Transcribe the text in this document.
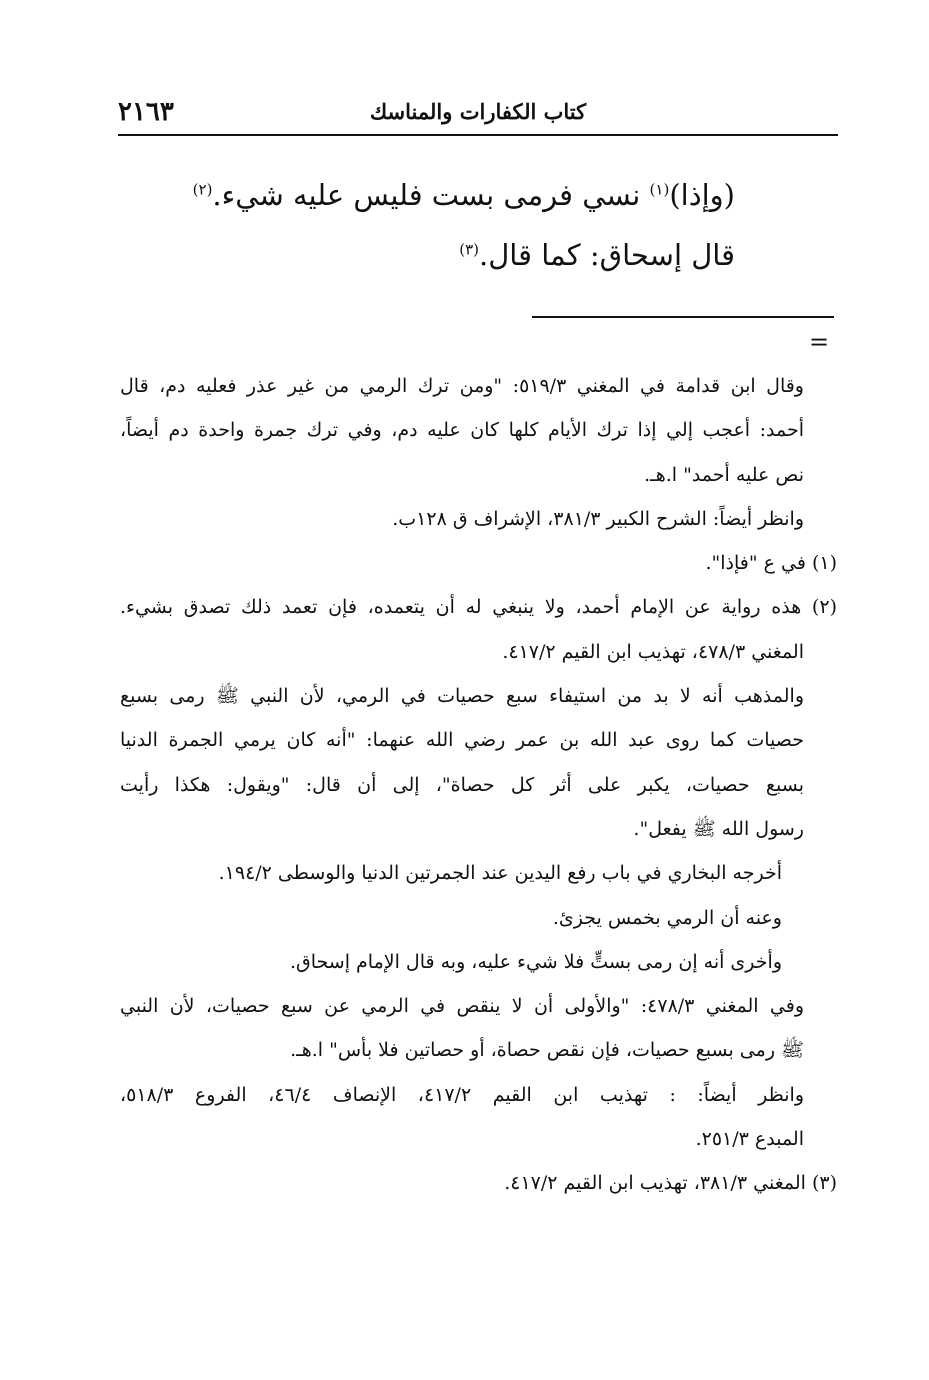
كتاب الكفارات والمناسك
٢١٦٣
(وإذا)$^{(١)}$ نسي فرمى بست فليس عليه شيء.$^{(٢)}$
قال إسحاق: كما قال.$^{(٣)}$
=
وقال ابن قدامة في المغني ٥١٩/٣: "ومن ترك الرمي من غير عذر فعليه دم، قال
أحمد: أعجب إلي إذا ترك الأيام كلها كان عليه دم، وفي ترك جمرة واحدة دم أيضاً،
نص عليه أحمد" ا.هـ.
وانظر أيضاً: الشرح الكبير ٣٨١/٣، الإشراف ق ١٢٨ب.
(١) في ع "فإذا".
(٢) هذه رواية عن الإمام أحمد، ولا ينبغي له أن يتعمده، فإن تعمد ذلك تصدق بشيء.
المغني ٤٧٨/٣، تهذيب ابن القيم ٤١٧/٢.
والمذهب أنه لا بد من استيفاء سبع حصيات في الرمي، لأن النبي ﷺ رمى بسبع
حصيات كما روى عبد الله بن عمر رضي الله عنهما: "أنه كان يرمي الجمرة الدنيا
بسبع حصيات، يكبر على أثر كل حصاة"، إلى أن قال: "ويقول: هكذا رأيت
رسول الله ﷺ يفعل".
أخرجه البخاري في باب رفع اليدين عند الجمرتين الدنيا والوسطى ١٩٤/٢.
وعنه أن الرمي بخمس يجزئ.
وأخرى أنه إن رمى بستٍّ فلا شيء عليه، وبه قال الإمام إسحاق.
وفي المغني ٤٧٨/٣: "والأولى أن لا ينقص في الرمي عن سبع حصيات، لأن النبي
ﷺ رمى بسبع حصيات، فإن نقص حصاة، أو حصاتين فلا بأس" ا.هـ.
وانظر أيضاً: : تهذيب ابن القيم ٤١٧/٢، الإنصاف ٤٦/٤، الفروع ٥١٨/٣،
المبدع ٢٥١/٣.
(٣) المغني ٣٨١/٣، تهذيب ابن القيم ٤١٧/٢.
